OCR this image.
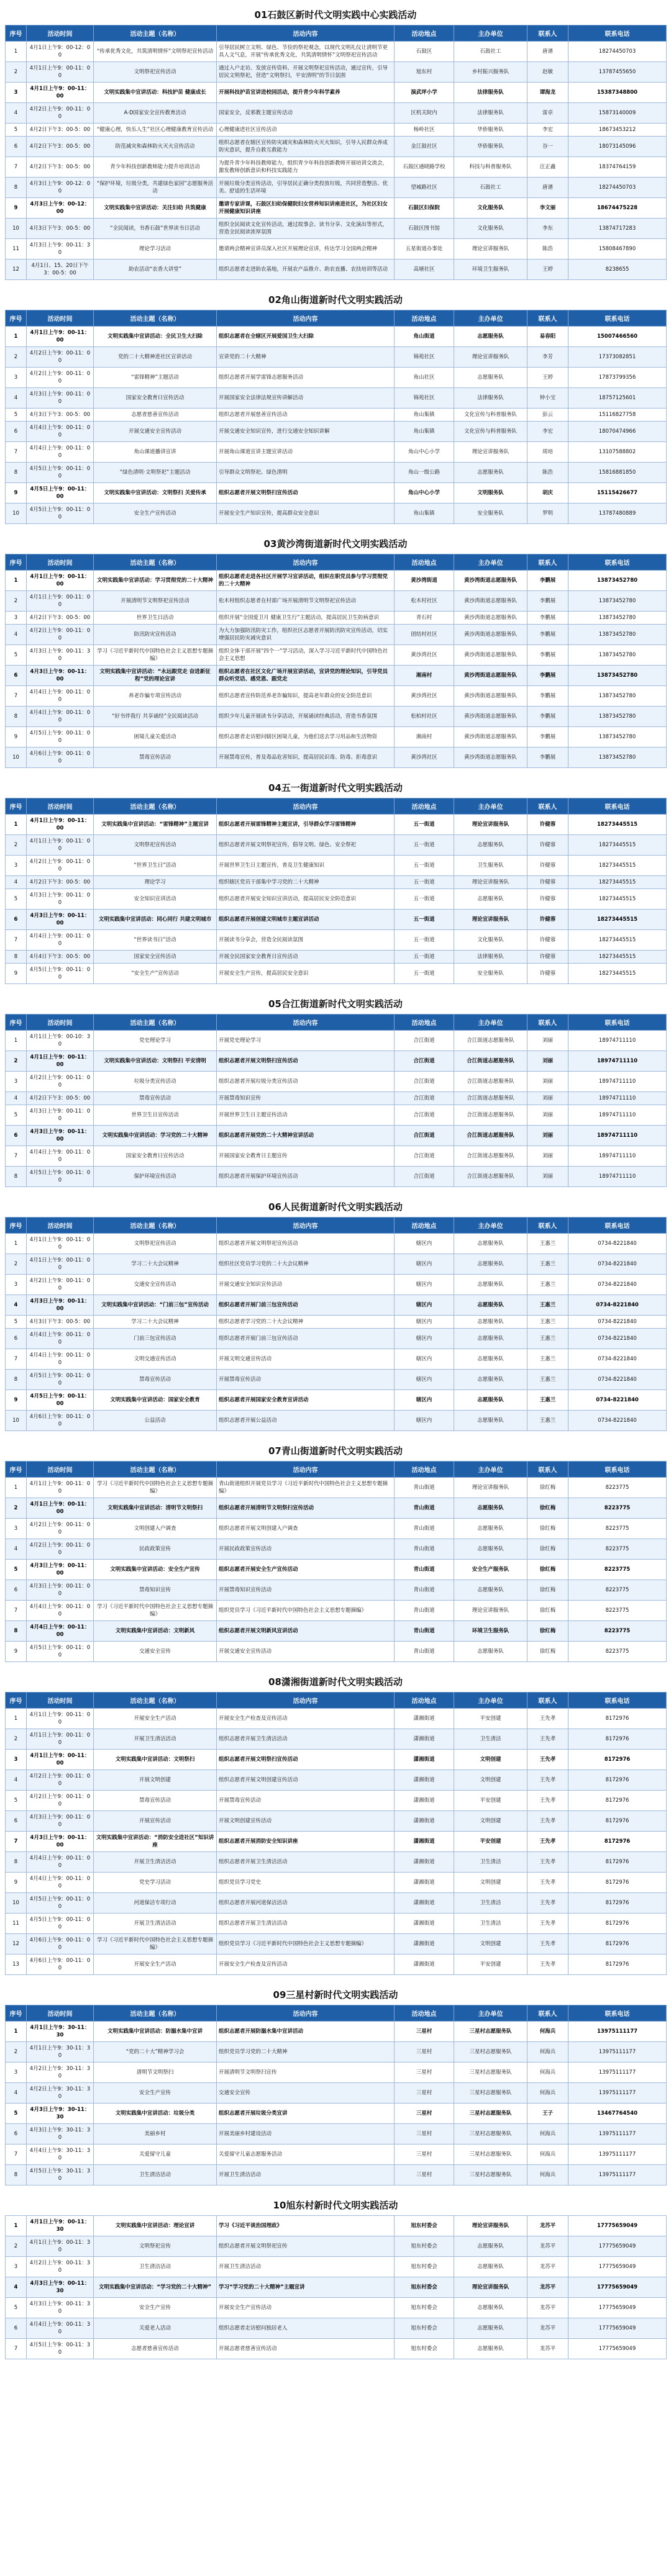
01石鼓区新时代文明实践中心实践活动
序号	活动时间	活动主题（名称）	活动内容	活动地点	主办单位	联系人	联系电话
1	4月1日上午9：00-12：00	“传承优秀文化，共筑清明情怀”文明祭祀宣传活动	引导居民树立文明、绿色、节俭的祭祀观念，以现代文明礼仪让清明节更具人文气息，开展“传承优秀文化，共筑清明情怀”文明祭祀宣传活动	石鼓区	石鼓社工	唐谱	18274450703
2	4月1日上午9：00-11：00	文明祭祀宣传活动	通过入户走访、发放宣传资料、开展文明祭祀宣传活动，通过宣传，引导居民文明祭祀，营造“文明祭扫，平安清明”的节日氛围	旭东村	乡村振兴服务队	赵敏	13787455650
3	4月1日上午9：00-11：00	文明实践集中宣讲活动：科技护苗 健康成长	开展科技护苗宣讲进校园活动，提升青少年科学素养	演武坪小学	法律服务队	谭海龙	15387348800
4	4月2日上午9：00-11：00	A·D国家安全宣传教育活动	国家安全，反邪教主题宣传活动	区机关院内	法律服务队	雷卓	15873140009
5	4月2日下午3：00-5：00	“健康心理，快乐人生”社区心理健康教育宣传活动	心理健康进社区宣传活动	杨岭社区	华侨服务队	李宏	18673453212
6	4月2日下午3：00-5：00	防范减灾和森林防火灭火宣传活动	组织志愿者在辖区宣传防灾减灾和森林防火灭火知识，引导人民群众养成防灾意识，提升自救互救能力	金江鼓社区	华侨服务队	谷一	18073145096
7	4月2日下午3：00-5：00	青少年科技创新教师能力提升培训活动	为提升青少年科技教师能力，组织青少年科技创新教师开展培训交流会，激发教师创新意识和科技实践能力	石鼓区通晓路学校	科技与科普服务队	汪正鑫	18374764159
8	4月3日上午9：00-12：00	“保护环境，垃圾分类，共建绿色家园”志愿服务活动	开展垃圾分类宣传活动，引导居民正确分类投放垃圾，共同营造整洁、优美、舒适的生活环境	望城路社区	石鼓社工	唐谱	18274450703
9	4月3日上午9：00-12：00	文明实践集中宣讲活动：关注妇幼 共筑健康	邀请专家讲课，石鼓区妇幼保健院妇女营养知识讲座进社区，为社区妇女开展健康知识讲座	石鼓区妇保院	文化服务队	李文丽	18674475228
10	4月3日下午3：00-5：00	“全民阅读，书香石鼓”世界读书日活动	组织全民阅读文化宣传活动，通过故事会、读书分享、文化演出等形式，营造全民阅读浓厚氛围	石鼓区图书馆	文化服务队	李东	13874717283
11	4月3日上午9：00-11：30	理论学习活动	邀请两会精神宣讲员深入社区开展理论宣讲，传达学习全国两会精神	五星街道办事处	理论宣讲服务队	陈浩	15808467890
12	4月1日、15、20日下午3：00-5：00	助农活动“农香大讲堂”	组织志愿者走进助农基地，开展农产品推介、助农直播、农技培训等活动	高塘社区	环境卫生服务队	王婷	8238655
02角山街道新时代文明实践活动
序号	活动时间	活动主题（名称）	活动内容	活动地点	主办单位	联系人	联系电话
1	4月1日上午9：00-11：00	文明实践集中宣讲活动：全民卫生大扫除	组织志愿者在全辖区开展爱国卫生大扫除	角山街道	志愿服务队	易春阳	15007466560
2	4月2日上午9：00-11：00	党的二十大精神进社区宣讲活动	宣讲党的二十大精神	锦苑社区	理论宣讲服务队	李芳	17373082851
3	4月2日上午9：00-11：00	“雷锋精神”主题活动	组织志愿者开展学雷锋志愿服务活动	角山社区	志愿服务队	王婷	17873799356
4	4月3日上午9：00-11：00	国家安全教育日宣传活动	开展国家安全法律法规宣传讲解活动	锦苑社区	法律服务队	钟小宝	18757125601
5	4月3日下午3：00-5：00	志愿者慈善宣传活动	组织志愿者开展慈善宣传活动	角山集镇	文化宣传与科普服务队	彭云	15116827758
6	4月4日上午9：00-11：00	开展交通安全宣传活动	开展交通安全知识宣传，进行交通安全知识讲解	角山集镇	文化宣传与科普服务队	李宏	18070474966
7	4月4日上午9：00-11：00	角山课道播讲宣讲	开展角山课道宣讲主题宣讲活动	角山中心小学	理论宣讲服务队	周培	13107588802
8	4月5日上午9：00-11：00	“绿色清明·文明祭祀”主题活动	引导群众文明祭祀、绿色清明	角山一级公路	志愿服务队	陈浩	15816881850
9	4月5日上午9：00-11：00	文明实践集中宣讲活动：文明祭扫 关爱传承	组织志愿者开展文明祭扫宣传活动	角山中心小学	文明服务队	胡庆	15115426677
10	4月5日上午9：00-11：00	安全生产宣传活动	开展安全生产知识宣传，提高群众安全意识	角山集镇	安全服务队	罗明	13787480889
03黄沙湾街道新时代文明实践活动
序号	活动时间	活动主题（名称）	活动内容	活动地点	主办单位	联系人	联系电话
1	4月1日上午9：00-11：00	文明实践集中宣讲活动：学习贯彻党的二十大精神	组织志愿者走进各社区开展学习宣讲活动，组织在职党员参与学习贯彻党的二十大精神	黄沙湾街道	黄沙湾街道志愿服务队	李鹏展	13873452780
2	4月1日上午9：00-11：00	开展清明节文明祭祀宣传活动	松木村组织志愿者在村部广场开展清明节文明祭祀宣传活动	松木村社区	黄沙湾街道志愿服务队	李鹏展	13873452780
3	4月2日下午3：00-5：00	世界卫生日活动	组织开展“全国爱卫月 健康卫生行”主题活动，提高居民卫生防病意识	青石村	黄沙湾街道志愿服务队	李鹏展	13873452780
4	4月2日上午9：00-11：00	防汛防灾宣传活动	为大力加强防汛防灾工作，组织社区志愿者开展防汛防灾宣传活动，切实增强居民防灾减灾意识	团结村社区	黄沙湾街道志愿服务队	李鹏展	13873452780
5	4月3日上午9：00-11：30	学习《习近平新时代中国特色社会主义思想专题摘编》	组织全体干部开展“四个一”学习活动，深入学习习近平新时代中国特色社会主义思想	黄沙湾社区	黄沙湾街道志愿服务队	李鹏展	13873452780
6	4月3日上午9：00-11：00	文明实践集中宣讲活动：“永远跟党走 奋进新征程”党的理论宣讲	组织志愿者在社区文化广场开展宣讲活动，宣讲党的理论知识，引导党员群众听党话、感党恩、跟党走	湘南村	黄沙湾街道志愿服务队	李鹏展	13873452780
7	4月4日上午9：00-11：00	养老诈骗专项宣传活动	组织志愿者宣传防范养老诈骗知识，提高老年群众的安全防范意识	黄沙湾社区	黄沙湾街道志愿服务队	李鹏展	13873452780
8	4月4日上午9：00-11：00	“好书伴我行 共享诵经”全民阅读活动	组织少年儿童开展读书分享活动，开展诵读经典活动，营造书香氛围	松柏村社区	黄沙湾街道志愿服务队	李鹏展	13873452780
9	4月5日上午9：00-11：00	困境儿童关爱活动	组织志愿者走访慰问辖区困境儿童，为他们送去学习用品和生活物资	湘南村	黄沙湾街道志愿服务队	李鹏展	13873452780
10	4月6日上午9：00-11：00	禁毒宣传活动	开展禁毒宣传，普及毒品危害知识，提高居民识毒、防毒、拒毒意识	黄沙湾社区	黄沙湾街道志愿服务队	李鹏展	13873452780
04五一街道新时代文明实践活动
序号	活动时间	活动主题（名称）	活动内容	活动地点	主办单位	联系人	联系电话
1	4月1日上午9：00-11：00	文明实践集中宣讲活动：“雷锋精神”主题宣讲	组织志愿者开展雷锋精神主题宣讲，引导群众学习雷锋精神	五一街道	理论宣讲服务队	许健蓉	18273445515
2	4月1日上午9：00-11：00	文明祭祀宣传活动	组织志愿者开展文明祭祀宣传，倡导文明、绿色、安全祭祀	五一街道	志愿服务队	许健蓉	18273445515
3	4月2日上午9：00-11：00	“世界卫生日”活动	开展世界卫生日主题宣传，普及卫生健康知识	五一街道	卫生服务队	许健蓉	18273445515
4	4月2日下午3：00-5：00	理论学习	组织辖区党员干部集中学习党的二十大精神	五一街道	理论宣讲服务队	许健蓉	18273445515
5	4月3日上午9：00-11：00	安全知识宣讲活动	组织志愿者开展安全知识宣讲活动，提高居民安全防范意识	五一街道	志愿服务队	许健蓉	18273445515
6	4月3日上午9：00-11：00	文明实践集中宣讲活动：同心同行 共建文明城市	组织志愿者开展创建文明城市主题宣讲活动	五一街道	理论宣讲服务队	许健蓉	18273445515
7	4月4日上午9：00-11：00	“世界读书日”活动	开展读书分享会，营造全民阅读氛围	五一街道	文化服务队	许健蓉	18273445515
8	4月4日下午3：00-5：00	国家安全宣传活动	开展全民国家安全教育日宣传活动	五一街道	法律服务队	许健蓉	18273445515
9	4月5日上午9：00-11：00	“安全生产”宣传活动	开展安全生产宣传，提高居民安全意识	五一街道	安全服务队	许健蓉	18273445515
05合江街道新时代文明实践活动
序号	活动时间	活动主题（名称）	活动内容	活动地点	主办单位	联系人	联系电话
1	4月1日上午9：00-10：30	党史理论学习	开展党史理论学习	合江街道	合江街道志愿服务队	刘丽	18974711110
2	4月1日上午9：00-11：00	文明实践集中宣讲活动：文明祭扫 平安清明	组织志愿者开展文明祭扫宣传活动	合江街道	合江街道志愿服务队	刘丽	18974711110
3	4月2日上午9：00-11：00	垃圾分类宣传活动	组织志愿者开展垃圾分类宣传活动	合江街道	合江街道志愿服务队	刘丽	18974711110
4	4月2日下午3：00-5：00	禁毒宣传活动	开展禁毒知识宣传	合江街道	合江街道志愿服务队	刘丽	18974711110
5	4月3日上午9：00-11：00	世界卫生日宣传活动	开展世界卫生日主题宣传活动	合江街道	合江街道志愿服务队	刘丽	18974711110
6	4月3日上午9：00-11：00	文明实践集中宣讲活动：学习党的二十大精神	组织志愿者开展党的二十大精神宣讲活动	合江街道	合江街道志愿服务队	刘丽	18974711110
7	4月4日上午9：00-11：00	国家安全教育日宣传活动	开展国家安全教育日主题宣传	合江街道	合江街道志愿服务队	刘丽	18974711110
8	4月5日上午9：00-11：00	保护环境宣传活动	组织志愿者开展保护环境宣传活动	合江街道	合江街道志愿服务队	刘丽	18974711110
06人民街道新时代文明实践活动
序号	活动时间	活动主题（名称）	活动内容	活动地点	主办单位	联系人	联系电话
1	4月1日上午9：00-11：00	文明祭祀宣传活动	组织志愿者开展文明祭祀宣传活动	辖区内	志愿服务队	王惠兰	0734-8221840
2	4月1日上午9：00-11：00	学习二十大会议精神	组织社区党员学习党的二十大会议精神	辖区内	志愿服务队	王惠兰	0734-8221840
3	4月2日上午9：00-11：00	交通安全宣传活动	开展交通安全知识宣传活动	辖区内	志愿服务队	王惠兰	0734-8221840
4	4月3日上午9：00-11：00	文明实践集中宣讲活动：“门前三包”宣传活动	组织志愿者开展门前三包宣传活动	辖区内	志愿服务队	王惠兰	0734-8221840
5	4月3日下午3：00-5：00	学习二十大会议精神	组织志愿者学习党的二十大会议精神	辖区内	志愿服务队	王惠兰	0734-8221840
6	4月4日上午9：00-11：00	门前三包宣传活动	组织志愿者开展门前三包宣传活动	辖区内	志愿服务队	王惠兰	0734-8221840
7	4月4日上午9：00-11：00	文明交通宣传活动	开展文明交通宣传活动	辖区内	志愿服务队	王惠兰	0734-8221840
8	4月5日上午9：00-11：00	禁毒宣传活动	开展禁毒宣传活动	辖区内	志愿服务队	王惠兰	0734-8221840
9	4月5日上午9：00-11：00	文明实践集中宣讲活动：国家安全教育	组织志愿者开展国家安全教育宣讲活动	辖区内	志愿服务队	王惠兰	0734-8221840
10	4月6日上午9：00-11：00	公益活动	组织志愿者开展公益活动	辖区内	志愿服务队	王惠兰	0734-8221840
07青山街道新时代文明实践活动
序号	活动时间	活动主题（名称）	活动内容	活动地点	主办单位	联系人	联系电话
1	4月1日上午9：00-11：00	学习《习近平新时代中国特色社会主义思想专题摘编》	青山街道组织开展党员学习《习近平新时代中国特色社会主义思想专题摘编》	青山街道	理论宣讲服务队	徐红梅	8223775
2	4月1日上午9：00-11：00	文明实践集中宣讲活动：清明节文明祭扫	组织志愿者开展清明节文明祭扫宣传活动	青山街道	志愿服务队	徐红梅	8223775
3	4月2日上午9：00-11：00	文明创建入户调查	组织志愿者开展文明创建入户调查	青山街道	志愿服务队	徐红梅	8223775
4	4月2日上午9：00-11：00	民政政策宣传	开展民政政策宣传活动	青山街道	志愿服务队	徐红梅	8223775
5	4月3日上午9：00-11：00	文明实践集中宣讲活动：安全生产宣传	组织志愿者开展安全生产宣传活动	青山街道	安全生产服务队	徐红梅	8223775
6	4月3日上午9：00-11：00	禁毒知识宣传	开展禁毒知识宣传活动	青山街道	志愿服务队	徐红梅	8223775
7	4月4日上午9：00-11：00	学习《习近平新时代中国特色社会主义思想专题摘编》	组织党员学习《习近平新时代中国特色社会主义思想专题摘编》	青山街道	理论宣讲服务队	徐红梅	8223775
8	4月4日上午9：00-11：00	文明实践集中宣讲活动：文明新风	组织志愿者开展文明新风宣讲活动	青山街道	环境卫生服务队	徐红梅	8223775
9	4月5日上午9：00-11：00	交通安全宣传	开展交通安全宣传活动	青山街道	志愿服务队	徐红梅	8223775
08潇湘街道新时代文明实践活动
序号	活动时间	活动主题（名称）	活动内容	活动地点	主办单位	联系人	联系电话
1	4月1日上午9：00-11：00	开展安全生产活动	开展安全生产检查及宣传活动	潇湘街道	平安创建	王先孝	8172976
2	4月1日上午9：00-11：00	开展卫生清洁活动	组织志愿者开展卫生清洁活动	潇湘街道	卫生清洁	王先孝	8172976
3	4月1日上午9：00-11：00	文明实践集中宣讲活动：文明祭扫	组织志愿者开展文明祭扫宣传活动	潇湘街道	文明创建	王先孝	8172976
4	4月2日上午9：00-11：00	开展文明创建	组织志愿者开展文明创建宣传活动	潇湘街道	文明创建	王先孝	8172976
5	4月2日上午9：00-11：00	禁毒宣传活动	开展禁毒宣传活动	潇湘街道	平安创建	王先孝	8172976
6	4月3日上午9：00-11：00	开展宣传活动	开展文明创建宣传活动	潇湘街道	文明创建	王先孝	8172976
7	4月3日上午9：00-11：00	文明实践集中宣讲活动：“消防安全进社区”知识讲座	组织志愿者开展消防安全知识讲座	潇湘街道	平安创建	王先孝	8172976
8	4月4日上午9：00-11：00	开展卫生清洁活动	组织志愿者开展卫生清洁活动	潇湘街道	卫生清洁	王先孝	8172976
9	4月4日上午9：00-11：00	党史学习活动	组织党员学习党史	潇湘街道	文明创建	王先孝	8172976
10	4月5日上午9：00-11：00	河道保洁专项行动	组织志愿者开展河道保洁活动	潇湘街道	卫生清洁	王先孝	8172976
11	4月5日上午9：00-11：00	开展卫生清洁活动	组织志愿者开展卫生清洁活动	潇湘街道	卫生清洁	王先孝	8172976
12	4月6日上午9：00-11：00	学习《习近平新时代中国特色社会主义思想专题摘编》	组织党员学习《习近平新时代中国特色社会主义思想专题摘编》	潇湘街道	文明创建	王先孝	8172976
13	4月6日上午9：00-11：00	开展安全生产活动	开展安全生产检查及宣传活动	潇湘街道	平安创建	王先孝	8172976
09三星村新时代文明实践活动
序号	活动时间	活动主题（名称）	活动内容	活动地点	主办单位	联系人	联系电话
1	4月1日上午9：30-11：30	文明实践集中宣讲活动：防溺水集中宣讲	组织志愿者开展防溺水集中宣讲活动	三星村	三星村志愿服务队	何海兵	13975111177
2	4月1日上午9：30-11：30	“党的二十大”精神学习会	组织党员学习党的二十大精神	三星村	三星村志愿服务队	何海兵	13975111177
3	4月2日上午9：30-11：30	清明节文明祭扫	开展清明节文明祭扫宣传	三星村	三星村志愿服务队	何海兵	13975111177
4	4月2日上午9：30-11：30	安全生产宣传	交通安全宣传	三星村	三星村志愿服务队	何海兵	13975111177
5	4月3日上午9：30-11：30	文明实践集中宣讲活动：垃圾分类	组织志愿者开展垃圾分类宣讲	三星村	三星村志愿服务队	王子	13467764540
6	4月3日上午9：30-11：30	美丽乡村	开展美丽乡村建设活动	三星村	三星村志愿服务队	何海兵	13975111177
7	4月4日上午9：30-11：30	关爱留守儿童	关爱留守儿童志愿服务活动	三星村	三星村志愿服务队	何海兵	13975111177
8	4月5日上午9：30-11：30	卫生清洁活动	开展卫生清洁活动	三星村	三星村志愿服务队	何海兵	13975111177
10旭东村新时代文明实践活动
1	4月1日上午9：00-11：30	文明实践集中宣讲活动：理论宣讲	学习《习近平谈治国理政》	旭东村委会	理论宣讲服务队	龙苏平	17775659049
2	4月1日上午9：00-11：30	文明祭祀宣传	组织志愿者开展文明祭祀宣传	旭东村委会	志愿服务队	龙苏平	17775659049
3	4月2日上午9：00-11：30	卫生清洁活动	开展卫生清洁活动	旭东村委会	志愿服务队	龙苏平	17775659049
4	4月3日上午9：00-11：30	文明实践集中宣讲活动：“学习党的二十大精神”	学习“学习党的二十大精神”主题宣讲	旭东村委会	理论宣讲服务队	龙苏平	17775659049
5	4月3日上午9：00-11：30	安全生产宣传	开展安全生产宣传活动	旭东村委会	志愿服务队	龙苏平	17775659049
6	4月4日上午9：00-11：30	关爱老人活动	组织志愿者走访慰问独居老人	旭东村委会	志愿服务队	龙苏平	17775659049
7	4月5日上午9：00-11：30	志愿者慈善宣传活动	开展志愿者慈善宣传活动	旭东村委会	志愿服务队	龙苏平	17775659049
